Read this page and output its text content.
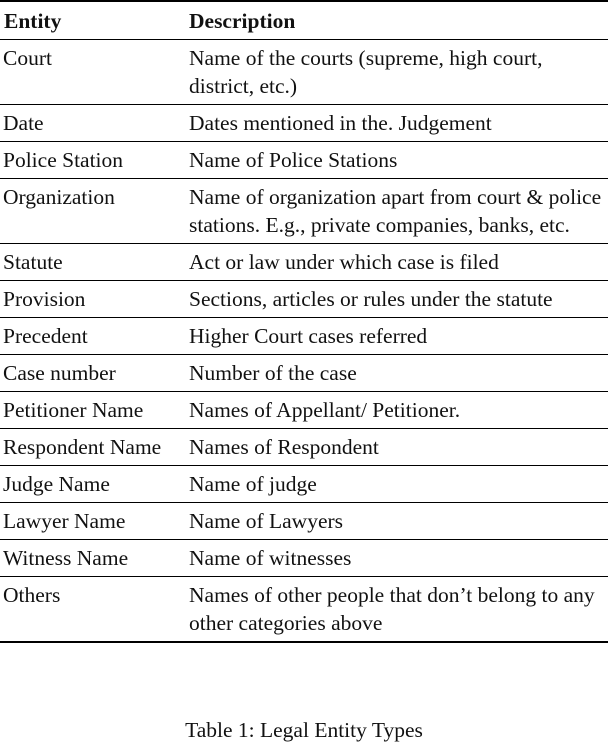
Entity	Description
Court	Name of the courts (supreme, high court, district, etc.)
Date	Dates mentioned in the. Judgement
Police Station	Name of Police Stations
Organization	Name of organization apart from court & police stations. E.g., private companies, banks, etc.
Statute	Act or law under which case is filed
Provision	Sections, articles or rules under the statute
Precedent	Higher Court cases referred
Case number	Number of the case
Petitioner Name	Names of Appellant/ Petitioner.
Respondent Name	Names of Respondent
Judge Name	Name of judge
Lawyer Name	Name of Lawyers
Witness Name	Name of witnesses
Others	Names of other people that don’t belong to any other categories above
Table 1: Legal Entity Types
